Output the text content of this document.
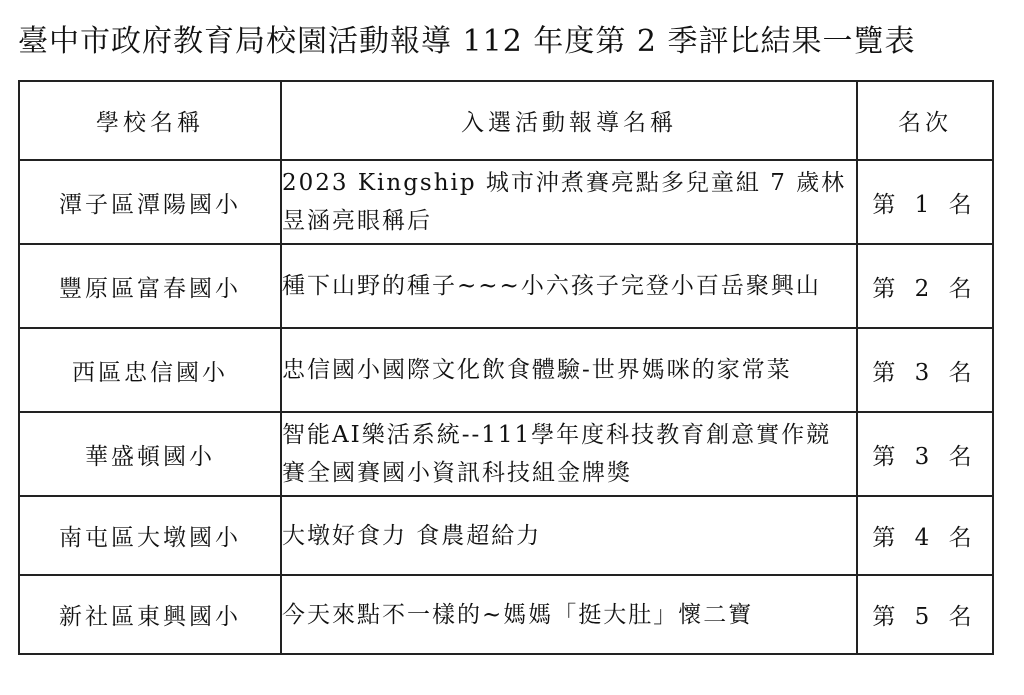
臺中市政府教育局校園活動報導 112 年度第 2 季評比結果一覽表
學校名稱	入選活動報導名稱	名次
潭子區潭陽國小	2023 Kingship 城市沖煮賽亮點多兒童組 7 歲林昱涵亮眼稱后	第 1 名
豐原區富春國小	種下山野的種子~~~小六孩子完登小百岳聚興山	第 2 名
西區忠信國小	忠信國小國際文化飲食體驗-世界媽咪的家常菜	第 3 名
華盛頓國小	智能AI樂活系統--111學年度科技教育創意實作競賽全國賽國小資訊科技組金牌獎	第 3 名
南屯區大墩國小	大墩好食力 食農超給力	第 4 名
新社區東興國小	今天來點不一樣的~媽媽「挺大肚」懷二寶	第 5 名
